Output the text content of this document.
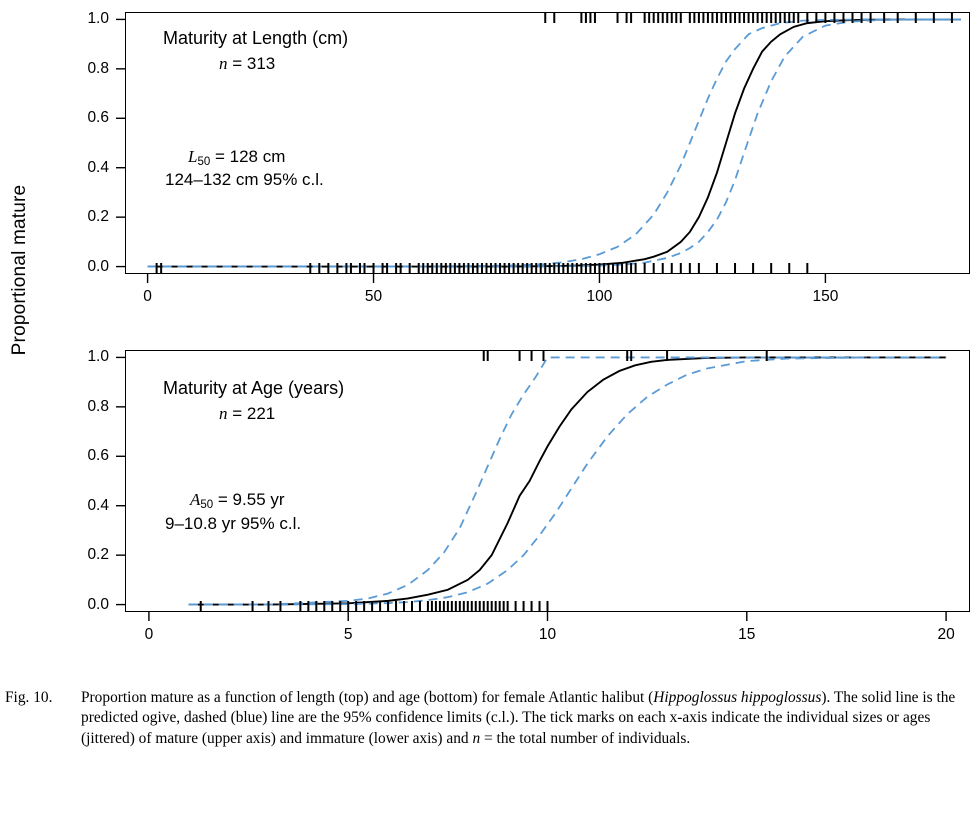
Proportional mature
Maturity at Length (cm)
n = 313
$L_{50} = 128$ cm
124–132 cm 95% c.l.
0.0
0.2
0.4
0.6
0.8
1.0
0	50	100	150
Maturity at Age (years)
n = 221
$A_{50} = 9.55$ yr
9–10.8 yr 95% c.l.
0.0
0.2
0.4
0.6
0.8
1.0
0	5	10	15	20
Fig. 10.	Proportion mature as a function of length (top) and age (bottom) for female Atlantic halibut (Hippoglossus hippoglossus). The solid line is the predicted ogive, dashed (blue) line are the 95% confidence limits (c.l.). The tick marks on each x-axis indicate the individual sizes or ages (jittered) of mature (upper axis) and immature (lower axis) and n = the total number of individuals.
